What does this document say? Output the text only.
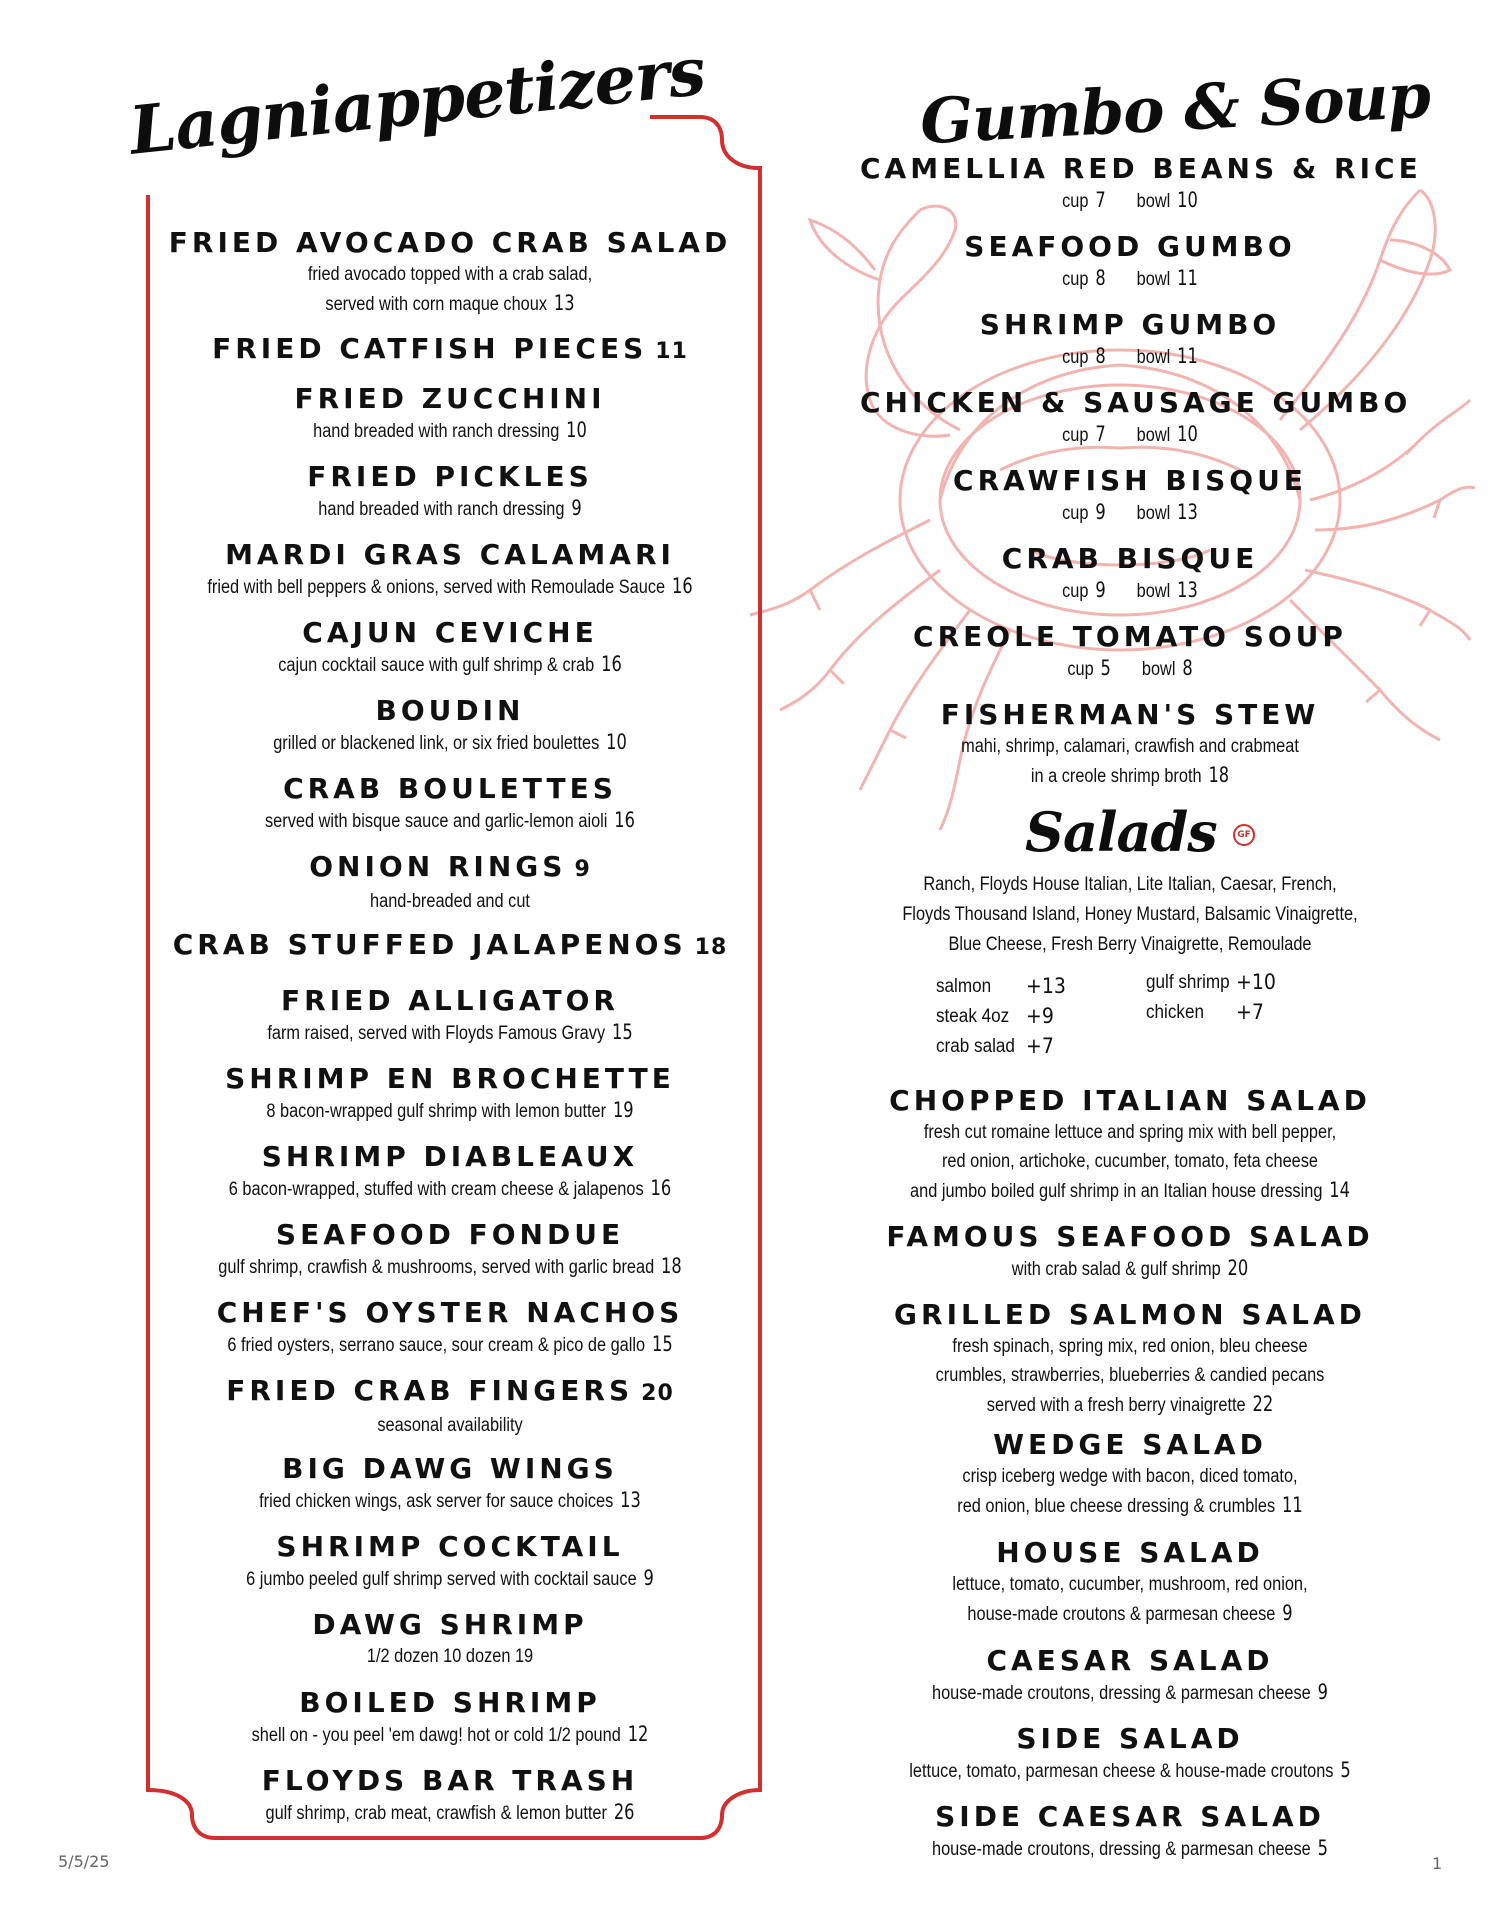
Lagniappetizers
FRIED AVOCADO CRAB SALAD
fried avocado topped with a crab salad,
served with corn maque choux 13
FRIED CATFISH PIECES 11
FRIED ZUCCHINI
hand breaded with ranch dressing 10
FRIED PICKLES
hand breaded with ranch dressing 9
MARDI GRAS CALAMARI
fried with bell peppers & onions, served with Remoulade Sauce 16
CAJUN CEVICHE
cajun cocktail sauce with gulf shrimp & crab 16
BOUDIN
grilled or blackened link, or six fried boulettes 10
CRAB BOULETTES
served with bisque sauce and garlic-lemon aioli 16
ONION RINGS 9
hand-breaded and cut
CRAB STUFFED JALAPENOS 18
FRIED ALLIGATOR
farm raised, served with Floyds Famous Gravy 15
SHRIMP EN BROCHETTE
8 bacon-wrapped gulf shrimp with lemon butter 19
SHRIMP DIABLEAUX
6 bacon-wrapped, stuffed with cream cheese & jalapenos 16
SEAFOOD FONDUE
gulf shrimp, crawfish & mushrooms, served with garlic bread 18
CHEF'S OYSTER NACHOS
6 fried oysters, serrano sauce, sour cream & pico de gallo 15
FRIED CRAB FINGERS 20
seasonal availability
BIG DAWG WINGS
fried chicken wings, ask server for sauce choices 13
SHRIMP COCKTAIL
6 jumbo peeled gulf shrimp served with cocktail sauce 9
DAWG SHRIMP
1/2 dozen 10 dozen 19
BOILED SHRIMP
shell on - you peel 'em dawg! hot or cold 1/2 pound 12
FLOYDS BAR TRASH
gulf shrimp, crab meat, crawfish & lemon butter 26
Gumbo & Soup
CAMELLIA RED BEANS & RICE
cup 7 bowl 10
SEAFOOD GUMBO
cup 8 bowl 11
SHRIMP GUMBO
cup 8 bowl 11
CHICKEN & SAUSAGE GUMBO
cup 7 bowl 10
CRAWFISH BISQUE
cup 9 bowl 13
CRAB BISQUE
cup 9 bowl 13
CREOLE TOMATO SOUP
cup 5 bowl 8
FISHERMAN'S STEW
mahi, shrimp, calamari, crawfish and crabmeat
in a creole shrimp broth 18
Salads	GF
Ranch, Floyds House Italian, Lite Italian, Caesar, French,
Floyds Thousand Island, Honey Mustard, Balsamic Vinaigrette,
Blue Cheese, Fresh Berry Vinaigrette, Remoulade
salmon +13
steak 4oz +9
crab salad +7
gulf shrimp +10
chicken +7
CHOPPED ITALIAN SALAD
fresh cut romaine lettuce and spring mix with bell pepper,
red onion, artichoke, cucumber, tomato, feta cheese
and jumbo boiled gulf shrimp in an Italian house dressing 14
FAMOUS SEAFOOD SALAD
with crab salad & gulf shrimp 20
GRILLED SALMON SALAD
fresh spinach, spring mix, red onion, bleu cheese
crumbles, strawberries, blueberries & candied pecans
served with a fresh berry vinaigrette 22
WEDGE SALAD
crisp iceberg wedge with bacon, diced tomato,
red onion, blue cheese dressing & crumbles 11
HOUSE SALAD
lettuce, tomato, cucumber, mushroom, red onion,
house-made croutons & parmesan cheese 9
CAESAR SALAD
house-made croutons, dressing & parmesan cheese 9
SIDE SALAD
lettuce, tomato, parmesan cheese & house-made croutons 5
SIDE CAESAR SALAD
house-made croutons, dressing & parmesan cheese 5
5/5/25	1
